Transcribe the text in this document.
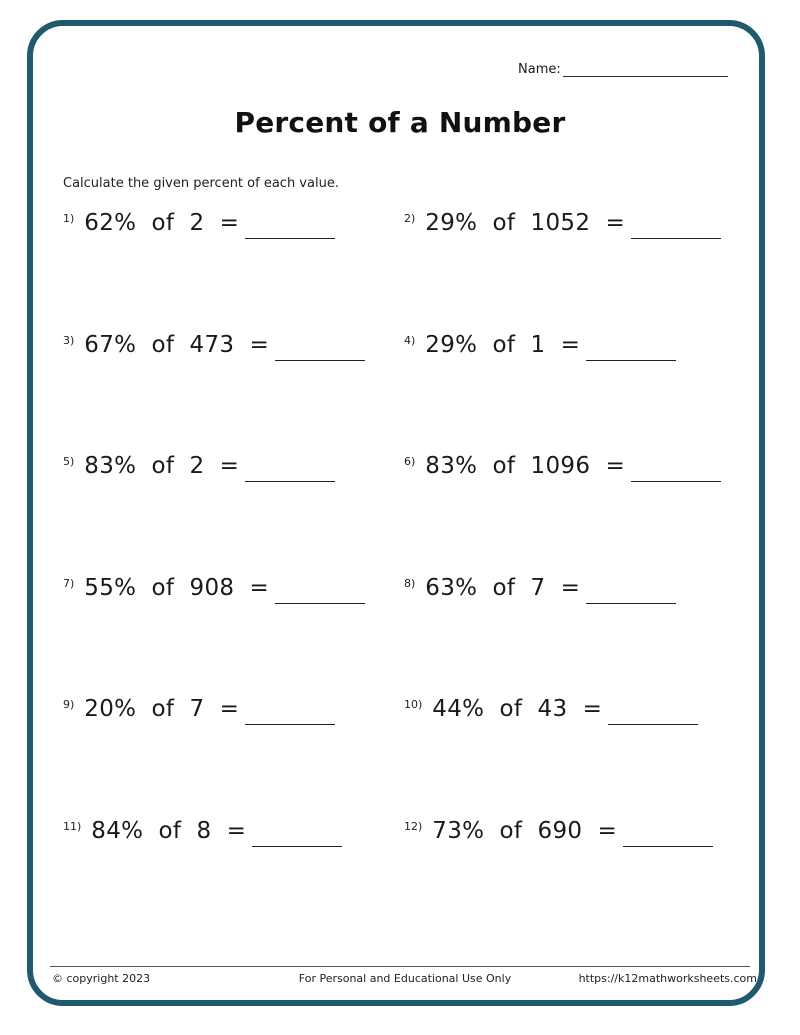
Name:
Percent of a Number
Calculate the given percent of each value.
1) 62%  of  2  =
3) 67%  of  473  =
5) 83%  of  2  =
7) 55%  of  908  =
9) 20%  of  7  =
11) 84%  of  8  =
2) 29%  of  1052  =
4) 29%  of  1  =
6) 83%  of  1096  =
8) 63%  of  7  =
10) 44%  of  43  =
12) 73%  of  690  =
© copyright 2023	For Personal and Educational Use Only	https://k12mathworksheets.com
